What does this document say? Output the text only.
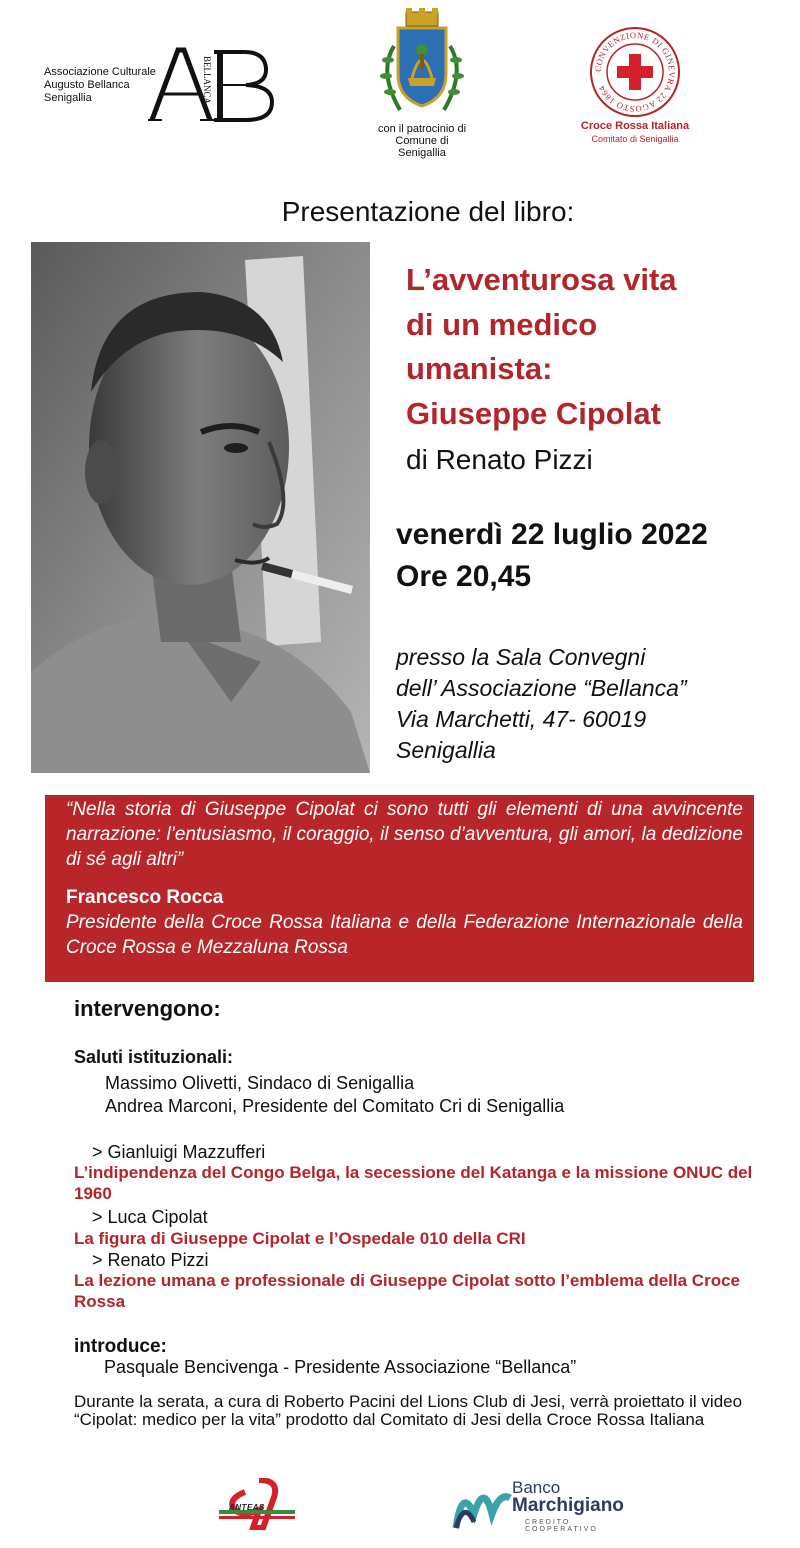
Associazione Culturale
Augusto Bellanca
Senigallia	BELLANCA
con il patrocinio di
Comune di
Senigallia
CONVENZIONE DI GINEVRA 22 AGOSTO 1864
Croce Rossa Italiana
Comitato di Senigallia
Presentazione del libro:
L’avventurosa vita
di un medico
umanista:
Giuseppe Cipolat
di Renato Pizzi
venerdì 22 luglio 2022
Ore 20,45
presso la Sala Convegni
dell’ Associazione “Bellanca”
Via Marchetti, 47- 60019
Senigallia
“Nella storia di Giuseppe Cipolat ci sono tutti gli elementi di una avvincente narrazione: l’entusiasmo, il coraggio, il senso d’avventura, gli amori, la dedizione di sé agli altri”
Francesco Rocca
Presidente della Croce Rossa Italiana e della Federazione Internazionale della Croce Rossa e Mezzaluna Rossa
intervengono:
Saluti istituzionali:
Massimo Olivetti, Sindaco di Senigallia
Andrea Marconi, Presidente del Comitato Cri di Senigallia
> Gianluigi Mazzufferi
L’indipendenza del Congo Belga, la secessione del Katanga e la missione ONUC del 1960
> Luca Cipolat
La figura di Giuseppe Cipolat e l’Ospedale 010 della CRI
> Renato Pizzi
La lezione umana e professionale di Giuseppe Cipolat sotto l’emblema della Croce Rossa
introduce:
Pasquale Bencivenga - Presidente Associazione “Bellanca”
Durante la serata, a cura di Roberto Pacini del Lions Club di Jesi, verrà proiettato il video “Cipolat: medico per la vita” prodotto dal Comitato di Jesi della Croce Rossa Italiana
ANTEAS
Banco
Marchigiano
CREDITO COOPERATIVO
